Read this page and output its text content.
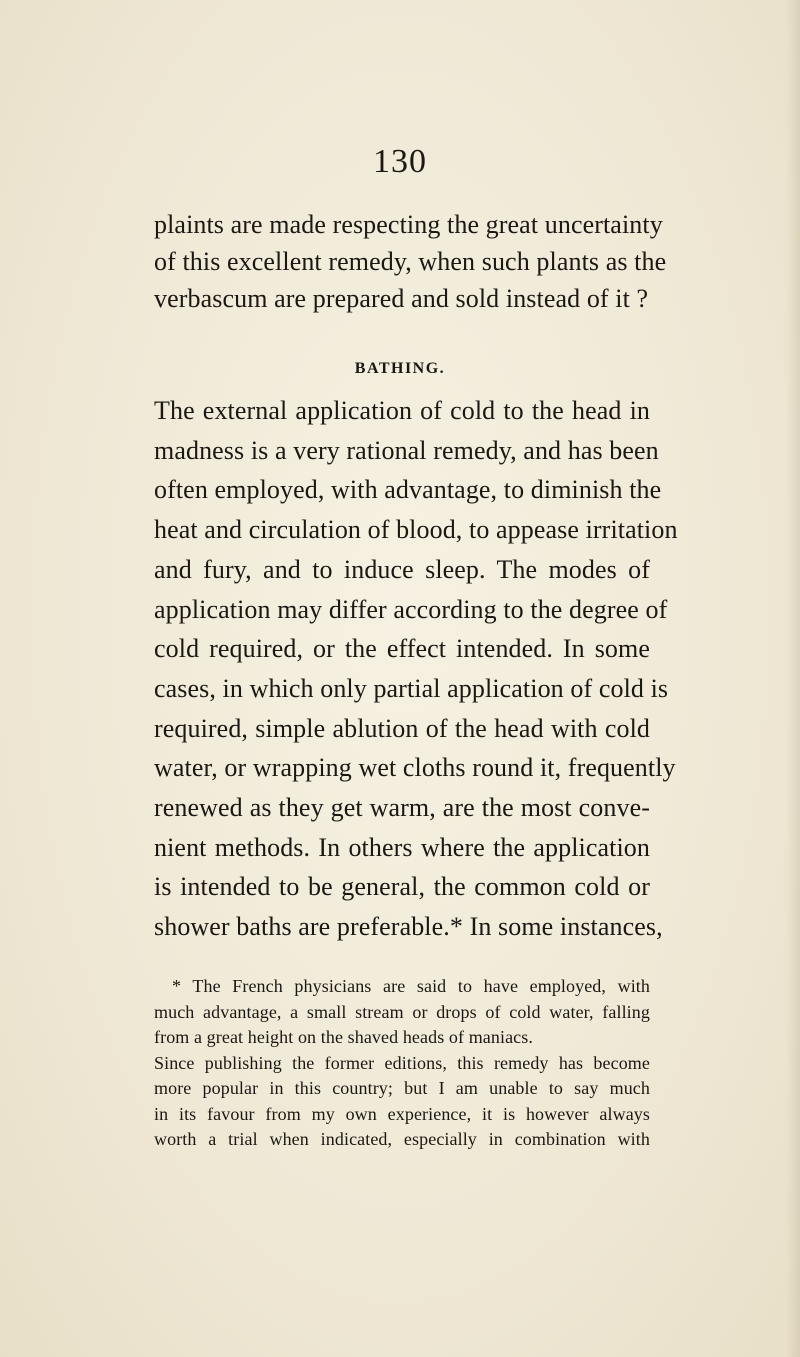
130
plaints are made respecting the great uncertainty
of this excellent remedy, when such plants as the
verbascum are prepared and sold instead of it ?
BATHING.
The external application of cold to the head in
madness is a very rational remedy, and has been
often employed, with advantage, to diminish the
heat and circulation of blood, to appease irritation
and fury, and to induce sleep. The modes of
application may differ according to the degree of
cold required, or the effect intended. In some
cases, in which only partial application of cold is
required, simple ablution of the head with cold
water, or wrapping wet cloths round it, frequently
renewed as they get warm, are the most conve-
nient methods. In others where the application
is intended to be general, the common cold or
shower baths are preferable.* In some instances,
* The French physicians are said to have employed, with
much advantage, a small stream or drops of cold water, falling
from a great height on the shaved heads of maniacs.
Since publishing the former editions, this remedy has become
more popular in this country; but I am unable to say much
in its favour from my own experience, it is however always
worth a trial when indicated, especially in combination with
